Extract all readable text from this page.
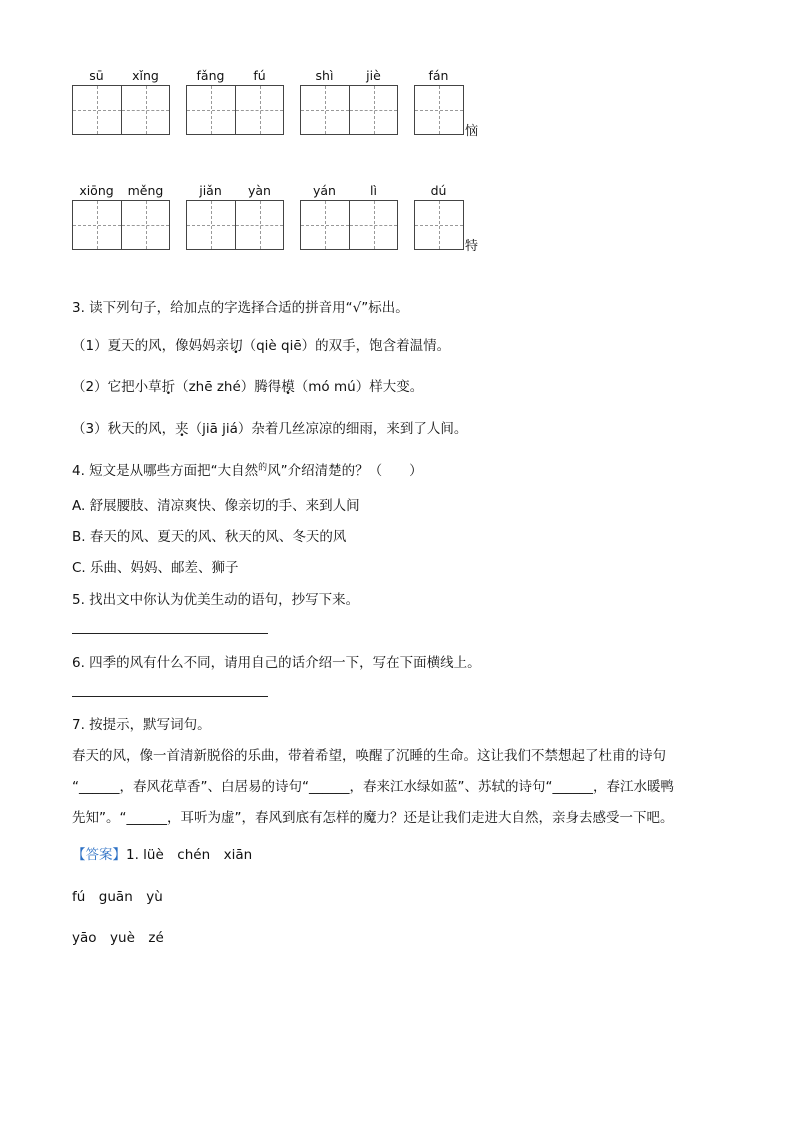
sū	xǐng	fǎng	fú	shì	jiè	fán
恼
xiōng	měng	jiǎn	yàn	yán	lì	dú
特
3. 读下列句子，给加点的字选择合适的拼音用“√”标出。
（1）夏天的风，像妈妈亲切（qiè qiē）的双手，饱含着温情。
（2）它把小草折（zhē zhé）腾得模（mó mú）样大变。
（3）秋天的风，夹（jiā jiá）杂着几丝凉凉的细雨，来到了人间。
4. 短文是从哪些方面把“大自然$^的$风”介绍清楚的？（　　）
A. 舒展腰肢、清凉爽快、像亲切的手、来到人间
B. 春天的风、夏天的风、秋天的风、冬天的风
C. 乐曲、妈妈、邮差、狮子
5. 找出文中你认为优美生动的语句，抄写下来。
6. 四季的风有什么不同，请用自己的话介绍一下，写在下面横线上。
7. 按提示，默写词句。
春天的风，像一首清新脱俗的乐曲，带着希望，唤醒了沉睡的生命。这让我们不禁想起了杜甫的诗句
“______，春风花草香”、白居易的诗句“______，春来江水绿如蓝”、苏轼的诗句“______，春江水暖鸭
先知”。“______，耳听为虚”，春风到底有怎样的魔力？还是让我们走进大自然，亲身去感受一下吧。
【答案】1. lüè　chén　xiān
fú　guān　yù
yāo　yuè　zé
